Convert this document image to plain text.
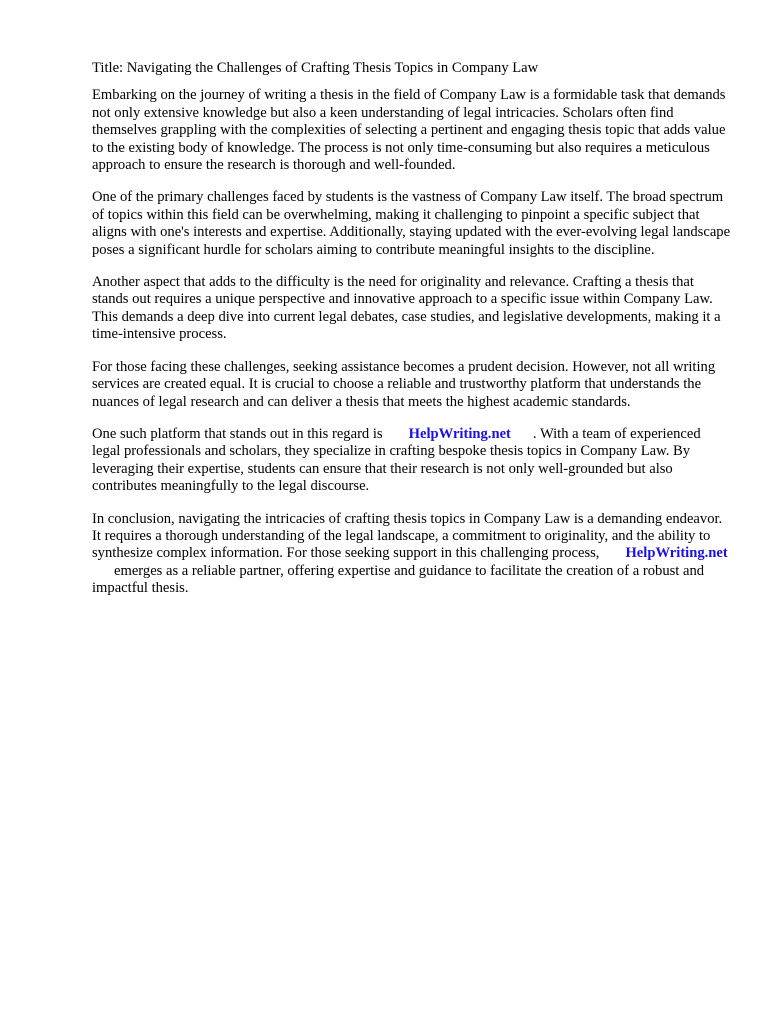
Title: Navigating the Challenges of Crafting Thesis Topics in Company Law

Embarking on the journey of writing a thesis in the field of Company Law is a formidable task that demands not only extensive knowledge but also a keen understanding of legal intricacies. Scholars often find themselves grappling with the complexities of selecting a pertinent and engaging thesis topic that adds value to the existing body of knowledge. The process is not only time-consuming but also requires a meticulous approach to ensure the research is thorough and well-founded.

One of the primary challenges faced by students is the vastness of Company Law itself. The broad spectrum of topics within this field can be overwhelming, making it challenging to pinpoint a specific subject that aligns with one's interests and expertise. Additionally, staying updated with the ever-evolving legal landscape poses a significant hurdle for scholars aiming to contribute meaningful insights to the discipline.

Another aspect that adds to the difficulty is the need for originality and relevance. Crafting a thesis that stands out requires a unique perspective and innovative approach to a specific issue within Company Law. This demands a deep dive into current legal debates, case studies, and legislative developments, making it a time-intensive process.

For those facing these challenges, seeking assistance becomes a prudent decision. However, not all writing services are created equal. It is crucial to choose a reliable and trustworthy platform that understands the nuances of legal research and can deliver a thesis that meets the highest academic standards.

One such platform that stands out in this regard is HelpWriting.net . With a team of experienced legal professionals and scholars, they specialize in crafting bespoke thesis topics in Company Law. By leveraging their expertise, students can ensure that their research is not only well-grounded but also contributes meaningfully to the legal discourse.

In conclusion, navigating the intricacies of crafting thesis topics in Company Law is a demanding endeavor. It requires a thorough understanding of the legal landscape, a commitment to originality, and the ability to synthesize complex information. For those seeking support in this challenging process, HelpWriting.netemerges as a reliable partner, offering expertise and guidance to facilitate the creation of a robust and impactful thesis.
